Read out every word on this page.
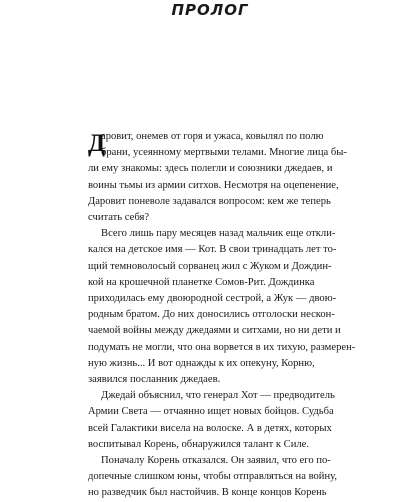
ПРОЛОГ
Д
аровит, онемев от горя и ужаса, ковылял по полю
брани, усеянному мертвыми телами. Многие лица бы-
ли ему знакомы: здесь полегли и союзники джедаев, и
воины тьмы из армии ситхов. Несмотря на оцепенение,
Даровит поневоле задавался вопросом: кем же теперь
считать себя?
Всего лишь пару месяцев назад мальчик еще откли-
кался на детское имя — Кот. В свои тринадцать лет то-
щий темноволосый сорванец жил с Жуком и Дождин-
кой на крошечной планетке Сомов-Рит. Дождинка
приходилась ему двоюродной сестрой, а Жук — двою-
родным братом. До них доносились отголоски нескон-
чаемой войны между джедаями и ситхами, но ни дети и
подумать не могли, что она ворвется в их тихую, размерен-
ную жизнь... И вот однажды к их опекуну, Корню,
заявился посланник джедаев.
Джедай объяснил, что генерал Хот — предводитель
Армии Света — отчаянно ищет новых бойцов. Судьба
всей Галактики висела на волоске. А в детях, которых
воспитывал Корень, обнаружился талант к Силе.
Поначалу Корень отказался. Он заявил, что его по-
допечные слишком юны, чтобы отправляться на войну,
но разведчик был настойчив. В конце концов Корень
